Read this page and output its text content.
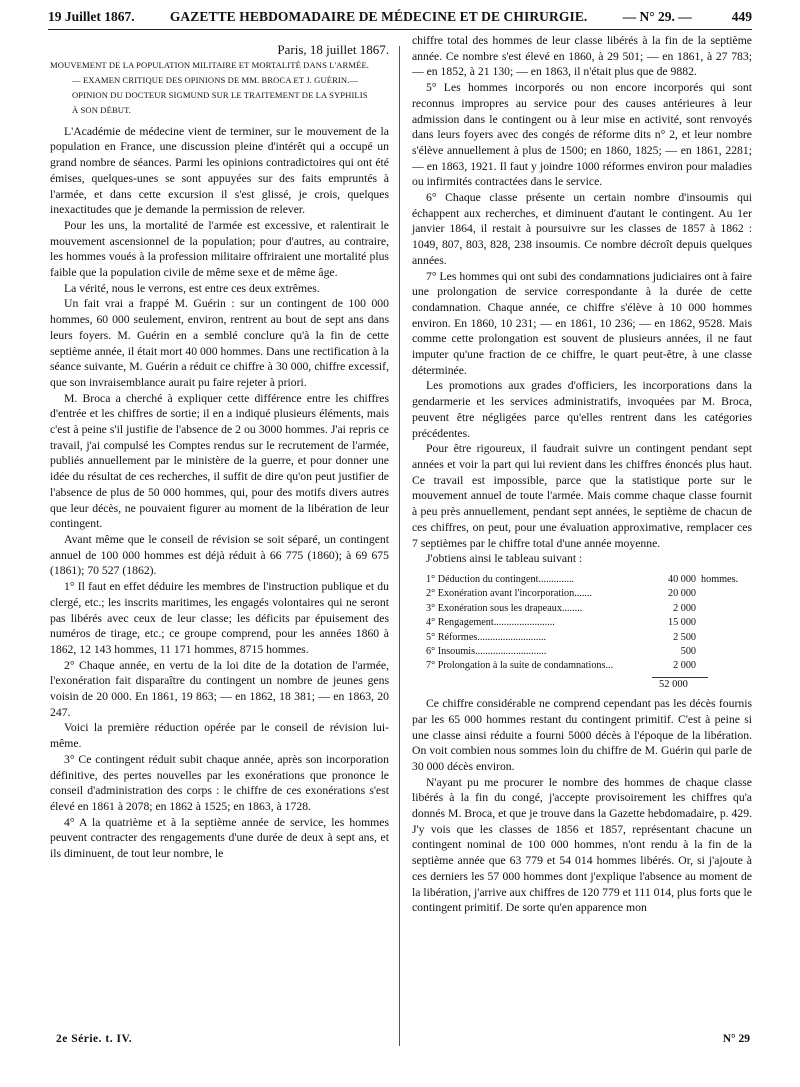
19 Juillet 1867.	GAZETTE HEBDOMADAIRE DE MÉDECINE ET DE CHIRURGIE.	— N° 29. —	449

Paris, 18 juillet 1867.

MOUVEMENT DE LA POPULATION MILITAIRE ET MORTALITÉ DANS L'ARMÉE.
— EXAMEN CRITIQUE DES OPINIONS DE MM. BROCA ET J. GUÉRIN.—
OPINION DU DOCTEUR SIGMUND SUR LE TRAITEMENT DE LA SYPHILIS
À SON DÉBUT.

L'Académie de médecine vient de terminer, sur le mouvement de la population en France, une discussion pleine d'intérêt qui a occupé un grand nombre de séances. Parmi les opinions contradictoires qui ont été émises, quelques-unes se sont appuyées sur des faits empruntés à l'armée, et dans cette excursion il s'est glissé, je crois, quelques inexactitudes que je demande la permission de relever.

Pour les uns, la mortalité de l'armée est excessive, et ralentirait le mouvement ascensionnel de la population; pour d'autres, au contraire, les hommes voués à la profession militaire offriraient une mortalité plus faible que la population civile de même sexe et de même âge.

La vérité, nous le verrons, est entre ces deux extrêmes.

Un fait vrai a frappé M. Guérin : sur un contingent de 100 000 hommes, 60 000 seulement, environ, rentrent au bout de sept ans dans leurs foyers. M. Guérin en a semblé conclure qu'à la fin de cette septième année, il était mort 40 000 hommes. Dans une rectification à la séance suivante, M. Guérin a réduit ce chiffre à 30 000, chiffre excessif, que son invraisemblance aurait pu faire rejeter à priori.

M. Broca a cherché à expliquer cette différence entre les chiffres d'entrée et les chiffres de sortie; il en a indiqué plusieurs éléments, mais c'est à peine s'il justifie de l'absence de 2 ou 3000 hommes. J'ai repris ce travail, j'ai compulsé les Comptes rendus sur le recrutement de l'armée, publiés annuellement par le ministère de la guerre, et pour donner une idée du résultat de ces recherches, il suffit de dire qu'on peut justifier de l'absence de plus de 50 000 hommes, qui, pour des motifs divers autres que leur décès, ne pouvaient figurer au moment de la libération de leur contingent.

Avant même que le conseil de révision se soit séparé, un contingent annuel de 100 000 hommes est déjà réduit à 66 775 (1860); à 69 675 (1861); 70 527 (1862).

1° Il faut en effet déduire les membres de l'instruction publique et du clergé, etc.; les inscrits maritimes, les engagés volontaires qui ne seront pas libérés avec ceux de leur classe; les déficits par épuisement des numéros de tirage, etc.; ce groupe comprend, pour les années 1860 à 1862, 12 143 hommes, 11 171 hommes, 8715 hommes.

2° Chaque année, en vertu de la loi dite de la dotation de l'armée, l'exonération fait disparaître du contingent un nombre de jeunes gens voisin de 20 000. En 1861, 19 863; — en 1862, 18 381; — en 1863, 20 247.

Voici la première réduction opérée par le conseil de révision lui-même.

3° Ce contingent réduit subit chaque année, après son incorporation définitive, des pertes nouvelles par les exonérations que prononce le conseil d'administration des corps : le chiffre de ces exonérations s'est élevé en 1861 à 2078; en 1862 à 1525; en 1863, à 1728.

4° A la quatrième et à la septième année de service, les hommes peuvent contracter des rengagements d'une durée de deux à sept ans, et ils diminuent, de tout leur nombre, le

chiffre total des hommes de leur classe libérés à la fin de la septième année. Ce nombre s'est élevé en 1860, à 29 501; — en 1861, à 27 783; — en 1852, à 21 130; — en 1863, il n'était plus que de 9882.

5° Les hommes incorporés ou non encore incorporés qui sont reconnus impropres au service pour des causes antérieures à leur admission dans le contingent ou à leur mise en activité, sont renvoyés dans leurs foyers avec des congés de réforme dits n° 2, et leur nombre s'élève annuellement à plus de 1500; en 1860, 1825; — en 1861, 2281; — en 1863, 1921. Il faut y joindre 1000 réformes environ pour maladies ou infirmités contractées dans le service.

6° Chaque classe présente un certain nombre d'insoumis qui échappent aux recherches, et diminuent d'autant le contingent. Au 1er janvier 1864, il restait à poursuivre sur les classes de 1857 à 1862 : 1049, 807, 803, 828, 238 insoumis. Ce nombre décroît depuis quelques années.

7° Les hommes qui ont subi des condamnations judiciaires ont à faire une prolongation de service correspondante à la durée de cette condamnation. Chaque année, ce chiffre s'élève à 10 000 hommes environ. En 1860, 10 231; — en 1861, 10 236; — en 1862, 9528. Mais comme cette prolongation est souvent de plusieurs années, il ne faut imputer qu'une fraction de ce chiffre, le quart peut-être, à une classe déterminée.

Les promotions aux grades d'officiers, les incorporations dans la gendarmerie et les services administratifs, invoquées par M. Broca, peuvent être négligées parce qu'elles rentrent dans les catégories précédentes.

Pour être rigoureux, il faudrait suivre un contingent pendant sept années et voir la part qui lui revient dans les chiffres énoncés plus haut. Ce travail est impossible, parce que la statistique porte sur le mouvement annuel de toute l'armée. Mais comme chaque classe fournit à peu près annuellement, pendant sept années, le septième de chacun de ces chiffres, on peut, pour une évaluation approximative, remplacer ces 7 septièmes par le chiffre total d'une année moyenne.

J'obtiens ainsi le tableau suivant :

1° Déduction du contingent..............	40 000 hommes.
2° Exonération avant l'incorporation.......	20 000
3° Exonération sous les drapeaux........	2 000
4° Rengagement........................	15 000
5° Réformes...........................	2 500
6° Insoumis............................	500
7° Prolongation à la suite de condamnations...	2 000
52 000

Ce chiffre considérable ne comprend cependant pas les décès fournis par les 65 000 hommes restant du contingent primitif. C'est à peine si une classe ainsi réduite a fourni 5000 décès à l'époque de la libération. On voit combien nous sommes loin du chiffre de M. Guérin qui parle de 30 000 décès environ.

N'ayant pu me procurer le nombre des hommes de chaque classe libérés à la fin du congé, j'accepte provisoirement les chiffres qu'a donnés M. Broca, et que je trouve dans la Gazette hebdomadaire, p. 429. J'y vois que les classes de 1856 et 1857, représentant chacune un contingent nominal de 100 000 hommes, n'ont rendu à la fin de la septième année que 63 779 et 54 014 hommes libérés. Or, si j'ajoute à ces derniers les 57 000 hommes dont j'explique l'absence au moment de la libération, j'arrive aux chiffres de 120 779 et 111 014, plus forts que le contingent primitif. De sorte qu'en apparence mon

2e Série. t. IV.	N° 29
